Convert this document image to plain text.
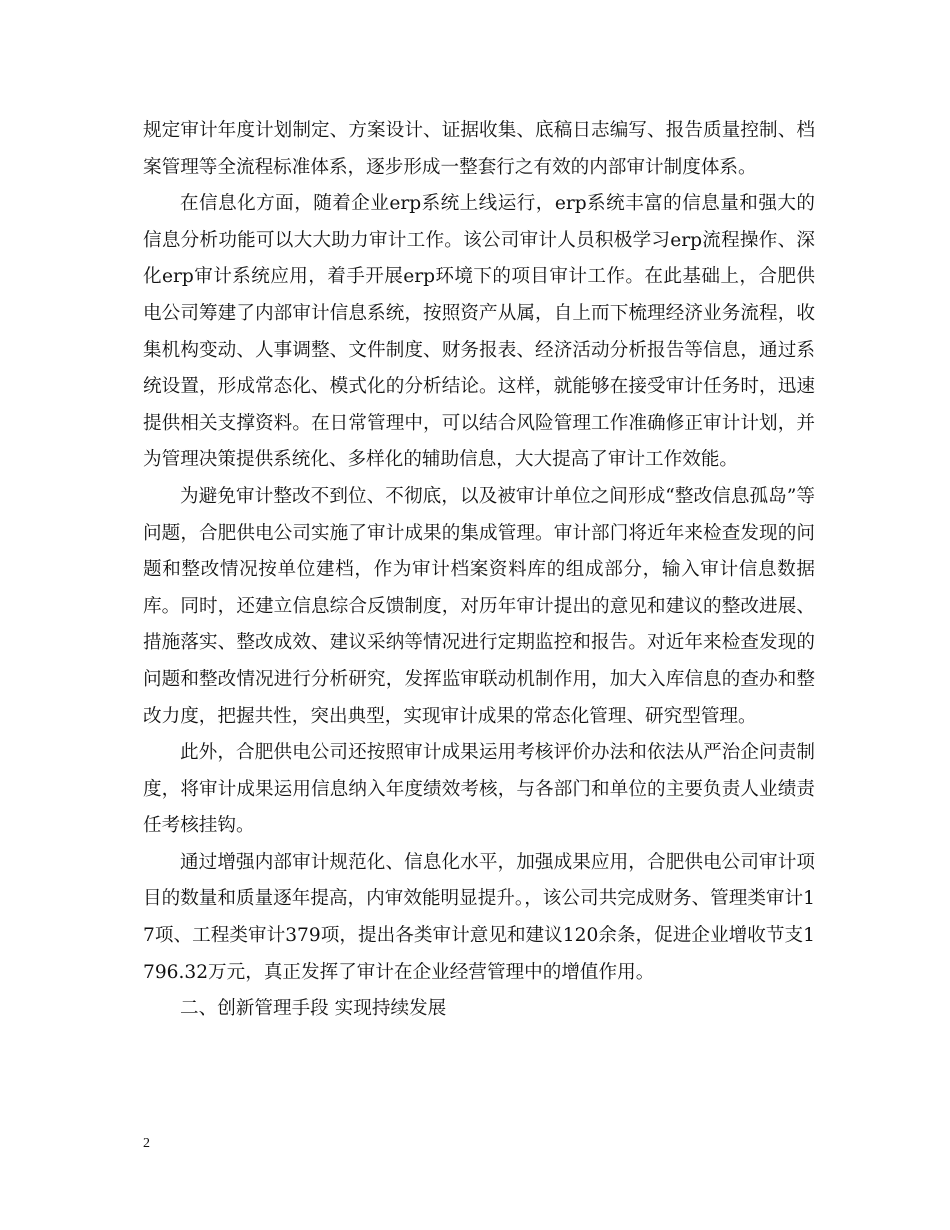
规定审计年度计划制定、方案设计、证据收集、底稿日志编写、报告质量控制、档案管理等全流程标准体系，逐步形成一整套行之有效的内部审计制度体系。

在信息化方面，随着企业erp系统上线运行，erp系统丰富的信息量和强大的信息分析功能可以大大助力审计工作。该公司审计人员积极学习erp流程操作、深化erp审计系统应用，着手开展erp环境下的项目审计工作。在此基础上，合肥供电公司筹建了内部审计信息系统，按照资产从属，自上而下梳理经济业务流程，收集机构变动、人事调整、文件制度、财务报表、经济活动分析报告等信息，通过系统设置，形成常态化、模式化的分析结论。这样，就能够在接受审计任务时，迅速提供相关支撑资料。在日常管理中，可以结合风险管理工作准确修正审计计划，并为管理决策提供系统化、多样化的辅助信息，大大提高了审计工作效能。

为避免审计整改不到位、不彻底，以及被审计单位之间形成“整改信息孤岛”等问题，合肥供电公司实施了审计成果的集成管理。审计部门将近年来检查发现的问题和整改情况按单位建档，作为审计档案资料库的组成部分，输入审计信息数据库。同时，还建立信息综合反馈制度，对历年审计提出的意见和建议的整改进展、措施落实、整改成效、建议采纳等情况进行定期监控和报告。对近年来检查发现的问题和整改情况进行分析研究，发挥监审联动机制作用，加大入库信息的查办和整改力度，把握共性，突出典型，实现审计成果的常态化管理、研究型管理。

此外，合肥供电公司还按照审计成果运用考核评价办法和依法从严治企问责制度，将审计成果运用信息纳入年度绩效考核，与各部门和单位的主要负责人业绩责任考核挂钩。

通过增强内部审计规范化、信息化水平，加强成果应用，合肥供电公司审计项目的数量和质量逐年提高，内审效能明显提升。，该公司共完成财务、管理类审计17项、工程类审计379项，提出各类审计意见和建议120余条，促进企业增收节支1796.32万元，真正发挥了审计在企业经营管理中的增值作用。

二、创新管理手段 实现持续发展

2
